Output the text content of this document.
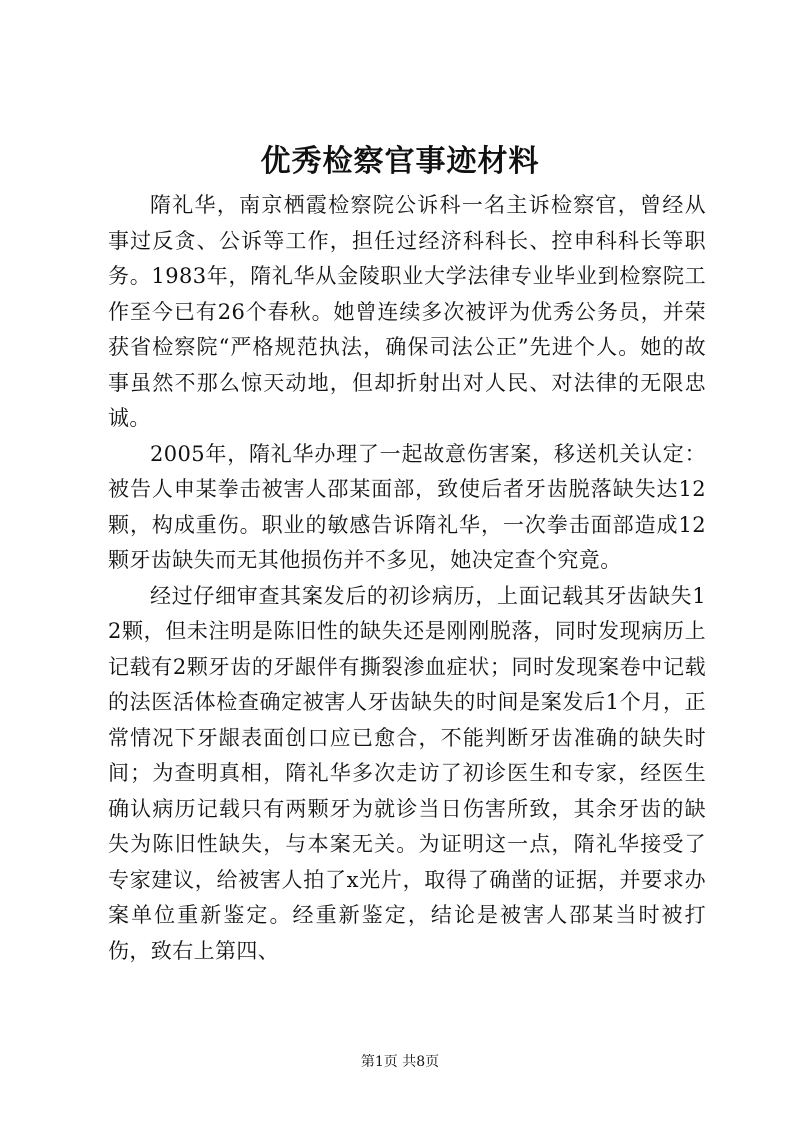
优秀检察官事迹材料

隋礼华，南京栖霞检察院公诉科一名主诉检察官，曾经从事过反贪、公诉等工作，担任过经济科科长、控申科科长等职务。1983年，隋礼华从金陵职业大学法律专业毕业到检察院工作至今已有26个春秋。她曾连续多次被评为优秀公务员，并荣获省检察院“严格规范执法，确保司法公正”先进个人。她的故事虽然不那么惊天动地，但却折射出对人民、对法律的无限忠诚。

2005年，隋礼华办理了一起故意伤害案，移送机关认定：被告人申某拳击被害人邵某面部，致使后者牙齿脱落缺失达12颗，构成重伤。职业的敏感告诉隋礼华，一次拳击面部造成12颗牙齿缺失而无其他损伤并不多见，她决定查个究竟。

经过仔细审查其案发后的初诊病历，上面记载其牙齿缺失12颗，但未注明是陈旧性的缺失还是刚刚脱落，同时发现病历上记载有2颗牙齿的牙龈伴有撕裂渗血症状；同时发现案卷中记载的法医活体检查确定被害人牙齿缺失的时间是案发后1个月，正常情况下牙龈表面创口应已愈合，不能判断牙齿准确的缺失时间；为查明真相，隋礼华多次走访了初诊医生和专家，经医生确认病历记载只有两颗牙为就诊当日伤害所致，其余牙齿的缺失为陈旧性缺失，与本案无关。为证明这一点，隋礼华接受了专家建议，给被害人拍了x光片，取得了确凿的证据，并要求办案单位重新鉴定。经重新鉴定，结论是被害人邵某当时被打伤，致右上第四、

第1页 共8页
